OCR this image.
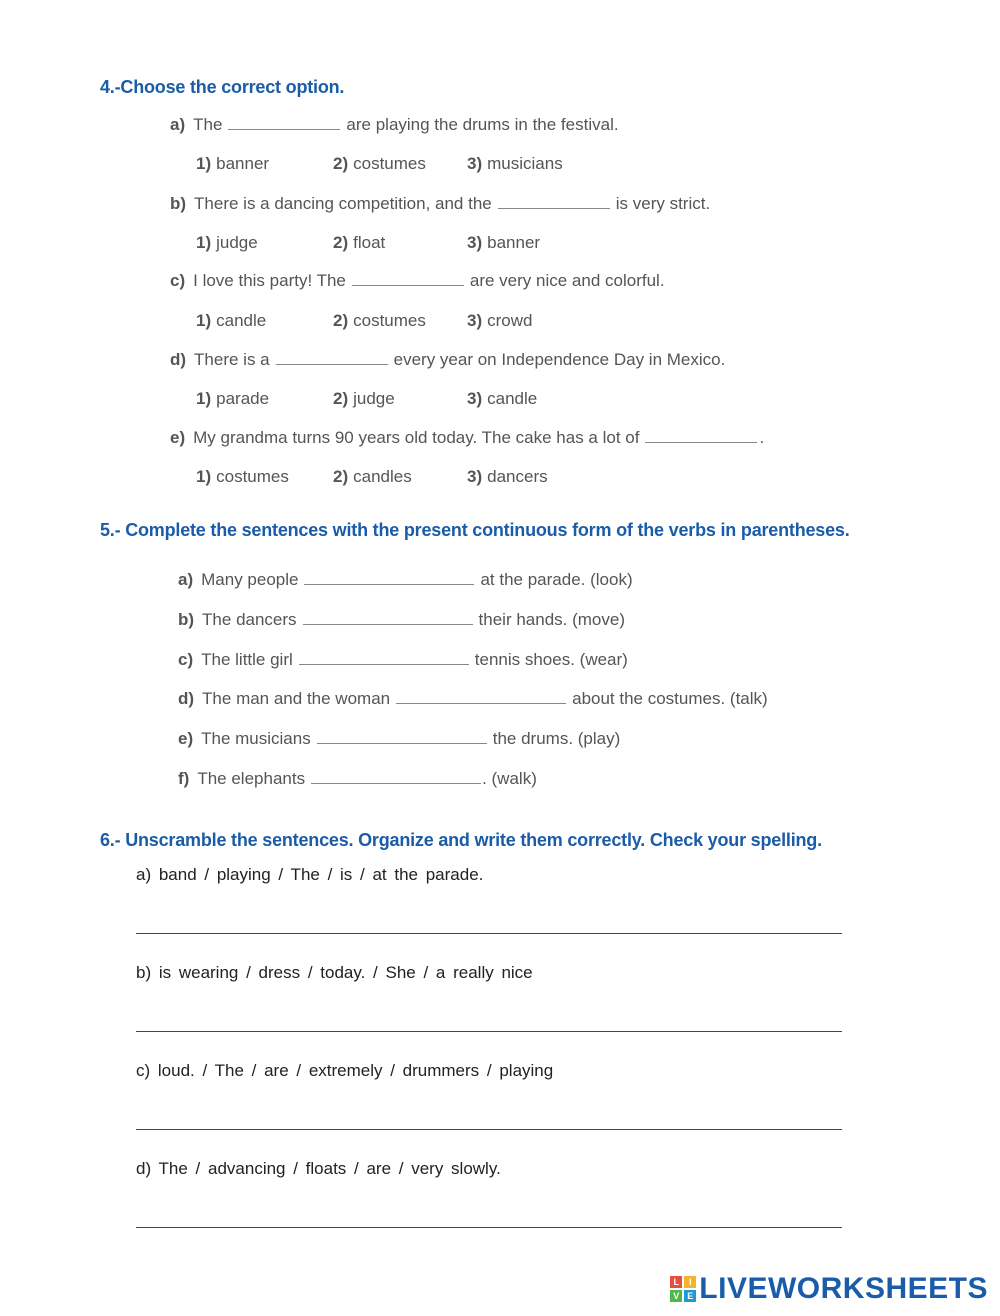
4.-Choose the correct option.
a) The	are playing the drums in the festival.
1) banner	2) costumes 3) musicians
b) There is a dancing competition, and the	is very strict.
1) judge	2) float	3) banner
c) I love this party! The	are very nice and colorful.
1) candle	2) costumes 3) crowd
d) There is a	every year on Independence Day in Mexico.
1) parade	2) judge	3) candle
e) My grandma turns 90 years old today. The cake has a lot of	.
1) costumes	2) candles	3) dancers
5.- Complete the sentences with the present continuous form of the verbs in parentheses.
a) Many people	at the parade. (look)
b) The dancers	their hands. (move)
c) The little girl	tennis shoes. (wear)
d) The man and the woman	about the costumes. (talk)
e) The musicians	the drums. (play)
f) The elephants	. (walk)
6.- Unscramble the sentences. Organize and write them correctly. Check your spelling.
a) band / playing / The / is / at the parade.
b) is wearing / dress / today. / She / a really nice
c) loud. / The / are / extremely / drummers / playing
d) The / advancing / floats / are / very slowly.
L	I
V E LIVEWORKSHEETS
